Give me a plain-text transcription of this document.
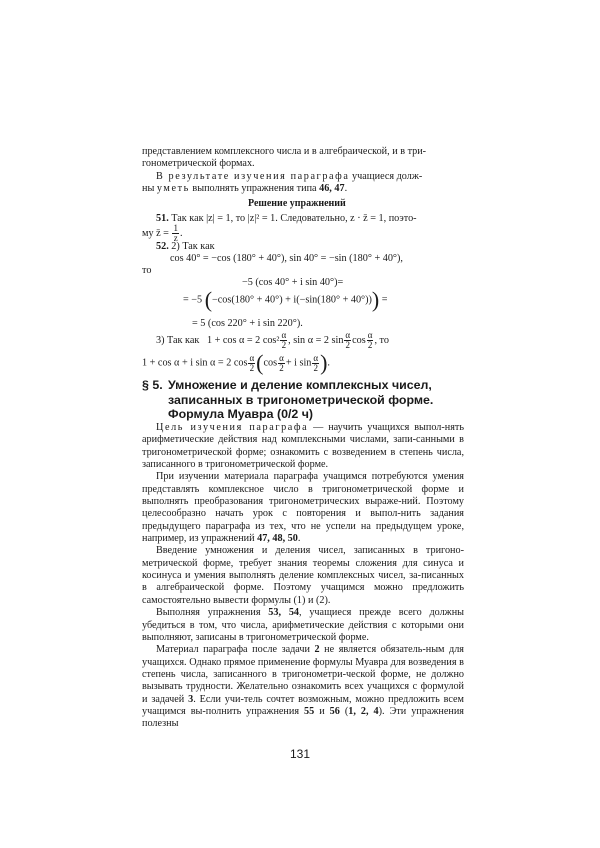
представлением комплексного числа и в алгебраической, и в три-

гонометрической формах.

В результате изучения параграфа учащиеся долж-
ны уметь выполнять упражнения типа 46, 47.

Решение упражнений
51. Так как |z| = 1, то |z|² = 1. Следовательно, z · z̄ = 1, поэто-
му z̄ = $\frac{1}{z}$ .
52. 2) Так как
cos 40° = −cos (180° + 40°), sin 40° = −sin (180° + 40°),
то
−5 (cos 40° + i sin 40°)=
= −5 (−cos(180° + 40°) + i(−sin(180° + 40°))) =
= 5 (cos 220° + i sin 220°).
3) Так как 1 + cos α = 2 $\cos^2 \frac{\alpha}{2}$ , sin α = 2 $\sin \frac{\alpha}{2}$ $\cos \frac{\alpha}{2}$ , то
1 + cos α + i sin α = 2 $\cos \frac{\alpha}{2} (\cos \frac{\alpha}{2} + i$ $\sin \frac{\alpha}{2}$ ).
§ 5. Умножение и деление комплексных чисел, записанных в тригонометрической форме. Формула Муавра (0/2 ч)

Цель изучения параграфа — научить учащихся выпол-нять арифметические действия над комплексными числами, запи-санными в тригонометрической форме; ознакомить с возведением в степень числа, записанного в тригонометрической форме.

При изучении материала параграфа учащимся потребуются умения представлять комплексное число в тригонометрической форме и выполнять преобразования тригонометрических выраже-ний. Поэтому целесообразно начать урок с повторения и выпол-нить задания предыдущего параграфа из тех, что не успели на предыдущем уроке, например, из упражнений 47, 48, 50.

Введение умножения и деления чисел, записанных в тригоно-метрической форме, требует знания теоремы сложения для синуса и косинуса и умения выполнять деление комплексных чисел, за-писанных в алгебраической форме. Поэтому учащимся можно предложить самостоятельно вывести формулы (1) и (2).

Выполняя упражнения 53, 54, учащиеся прежде всего должны убедиться в том, что числа, арифметические действия с которыми они выполняют, записаны в тригонометрической форме.

Материал параграфа после задачи 2 не является обязатель-ным для учащихся. Однако прямое применение формулы Муавра для возведения в степень числа, записанного в тригонометри-ческой форме, не должно вызывать трудности. Желательно ознакомить всех учащихся с формулой и задачей 3. Если учи-тель сочтет возможным, можно предложить всем учащимся вы-полнить упражнения 55 и 56 (1, 2, 4). Эти упражнения полезны

131
